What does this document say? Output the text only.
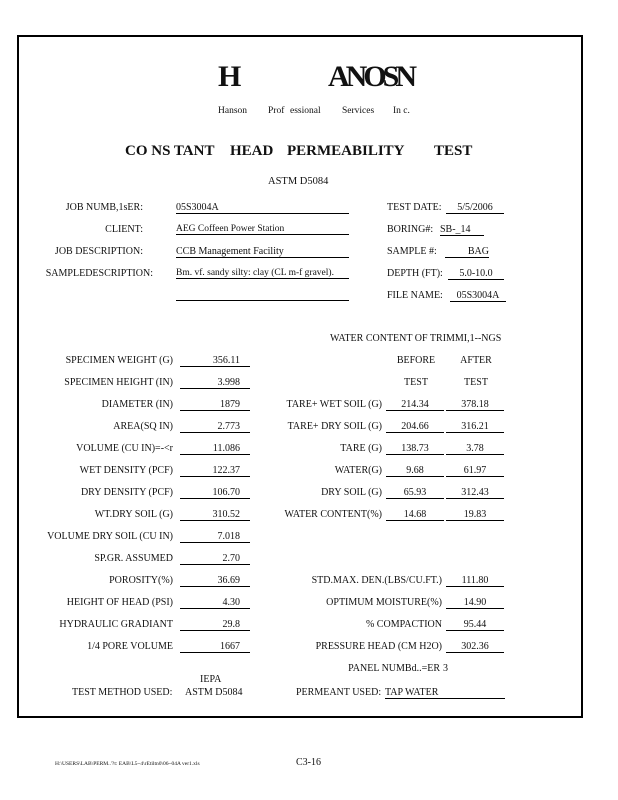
H	ANOSN
Hanson Prof essional Services In c.
CO NS TANT HEAD PERMEABILITY TEST
ASTM D5084
JOB NUMB,1sER:	05S3004A
CLIENT:	AEG Coffeen Power Station
JOB DESCRIPTION:	CCB Management Facility
SAMPLEDESCRIPTION: Bm. vf. sandy silty: clay (CL m-f gravel).
TEST DATE:	5/5/2006
BORING#: SB-_14
SAMPLE #:	BAG
DEPTH (FT):	5.0-10.0
FILE NAME:	05S3004A
WATER CONTENT OF TRIMMI,1--NGS
BEFORE
TEST
AFTER
TEST
SPECIMEN WEIGHT (G)	356.11
SPECIMEN HEIGHT (IN)	3.998
DIAMETER (IN)	1879
AREA(SQ IN)	2.773
VOLUME (CU IN)=-<r	11.086
WET DENSITY (PCF)	122.37
DRY DENSITY (PCF)	106.70
WT.DRY SOIL (G)	310.52
VOLUME DRY SOIL (CU IN)	7.018
SP.GR. ASSUMED	2.70
POROSITY(%)	36.69
HEIGHT OF HEAD (PSI)	4.30
HYDRAULIC GRADIANT	29.8
1/4 PORE VOLUME	1667
TARE+ WET SOIL (G)	214.34	378.18
TARE+ DRY SOIL (G)	204.66	316.21
TARE (G)	138.73	3.78
WATER(G)	9.68	61.97
DRY SOIL (G)	65.93	312.43
WATER CONTENT(%)	14.68	19.83
STD.MAX. DEN.(LBS/CU.FT.)	111.80
OPTIMUM MOISTURE(%)	14.90
% COMPACTION	95.44
PRESSURE HEAD (CM H2O)	302.36
PANEL NUMBd..=ER 3
IEPA
TEST METHOD USED: ASTM D5084	PERMEANT USED: TAP WATER
H:\USERS\LAB\PERM..'?t: EAB\L5~4\rEtiltn0\06~04A ver1.xls	C3-16
